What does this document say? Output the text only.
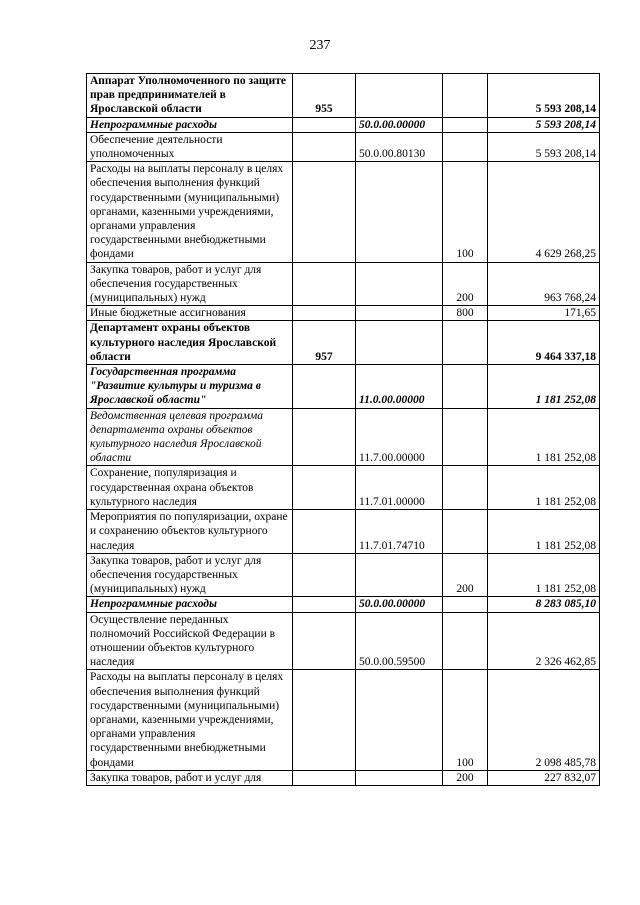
237
Аппарат Уполномоченного по защите прав предпринимателей в Ярославской области	955			5 593 208,14
Непрограммные расходы		50.0.00.00000		5 593 208,14
Обеспечение деятельности уполномоченных		50.0.00.80130		5 593 208,14
Расходы на выплаты персоналу в целях обеспечения выполнения функций государственными (муниципальными) органами, казенными учреждениями, органами управления государственными внебюджетными фондами			100	4 629 268,25
Закупка товаров, работ и услуг для обеспечения государственных (муниципальных) нужд			200	963 768,24
Иные бюджетные ассигнования			800	171,65
Департамент охраны объектов культурного наследия Ярославской области	957			9 464 337,18
Государственная программа "Развитие культуры и туризма в Ярославской области"		11.0.00.00000		1 181 252,08
Ведомственная целевая программа департамента охраны объектов культурного наследия Ярославской области		11.7.00.00000		1 181 252,08
Сохранение, популяризация и государственная охрана объектов культурного наследия		11.7.01.00000		1 181 252,08
Мероприятия по популяризации, охране и сохранению объектов культурного наследия		11.7.01.74710		1 181 252,08
Закупка товаров, работ и услуг для обеспечения государственных (муниципальных) нужд			200	1 181 252,08
Непрограммные расходы		50.0.00.00000		8 283 085,10
Осуществление переданных полномочий Российской Федерации в отношении объектов культурного наследия		50.0.00.59500		2 326 462,85
Расходы на выплаты персоналу в целях обеспечения выполнения функций государственными (муниципальными) органами, казенными учреждениями, органами управления государственными внебюджетными фондами			100	2 098 485,78
Закупка товаров, работ и услуг для			200	227 832,07
